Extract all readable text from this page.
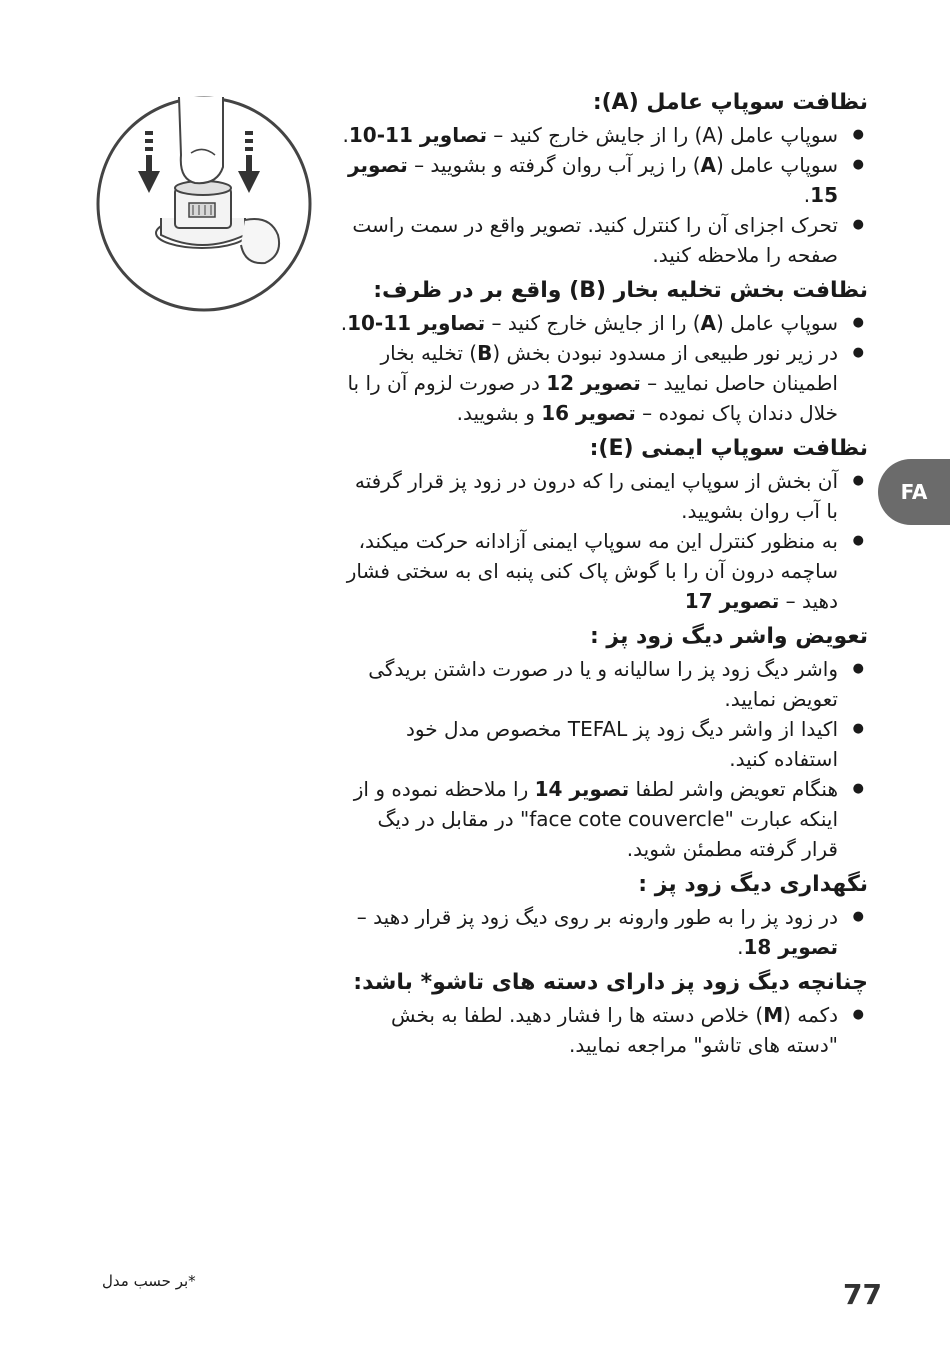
نظافت سوپاپ عامل (A):
● سوپاپ عامل (A) را از جایش خارج کنید – تصاویر 11-10.
● سوپاپ عامل (A) را زیر آب روان گرفته و بشویید – تصویر 15.
● تحرک اجزای آن را کنترل کنید. تصویر واقع در سمت راست صفحه را ملاحظه کنید.
نظافت بخش تخلیه بخار (B) واقع بر در ظرف:
● سوپاپ عامل (A) را از جایش خارج کنید – تصاویر 11-10.
● در زیر نور طبیعی از مسدود نبودن بخش (B) تخلیه بخار اطمینان حاصل نمایید – تصویر 12 در صورت لزوم آن را با خلال دندان پاک نموده – تصویر 16 و بشویید.
نظافت سوپاپ ایمنی (E):
● آن بخش از سوپاپ ایمنی را که درون در زود پز قرار گرفته با آب روان بشویید.
● به منظور کنترل این مه سوپاپ ایمنی آزادانه حرکت میکند، ساچمه درون آن را با گوش پاک کنی پنبه ای به سختی فشار دهید – تصویر 17
تعویض واشر دیگ زود پز :
● واشر دیگ زود پز را سالیانه و یا در صورت داشتن بریدگی تعویض نمایید.
● اکیدا از واشر دیگ زود پز TEFAL مخصوص مدل خود استفاده کنید.
● هنگام تعویض واشر لطفا تصویر 14 را ملاحظه نموده و از اینکه عبارت "face cote couvercle" در مقابل در دیگ قرار گرفته مطمئن شوید.
نگهداری دیگ زود پز :
● در زود پز را به طور وارونه بر روی دیگ زود پز قرار دهید – تصویر 18.
چنانچه دیگ زود پز دارای دسته های تاشو* باشد:
● دکمه (M) خلاص دسته ها را فشار دهید. لطفا به بخش "دسته های تاشو" مراجعه نمایید.
FA
*بر حسب مدل	77
